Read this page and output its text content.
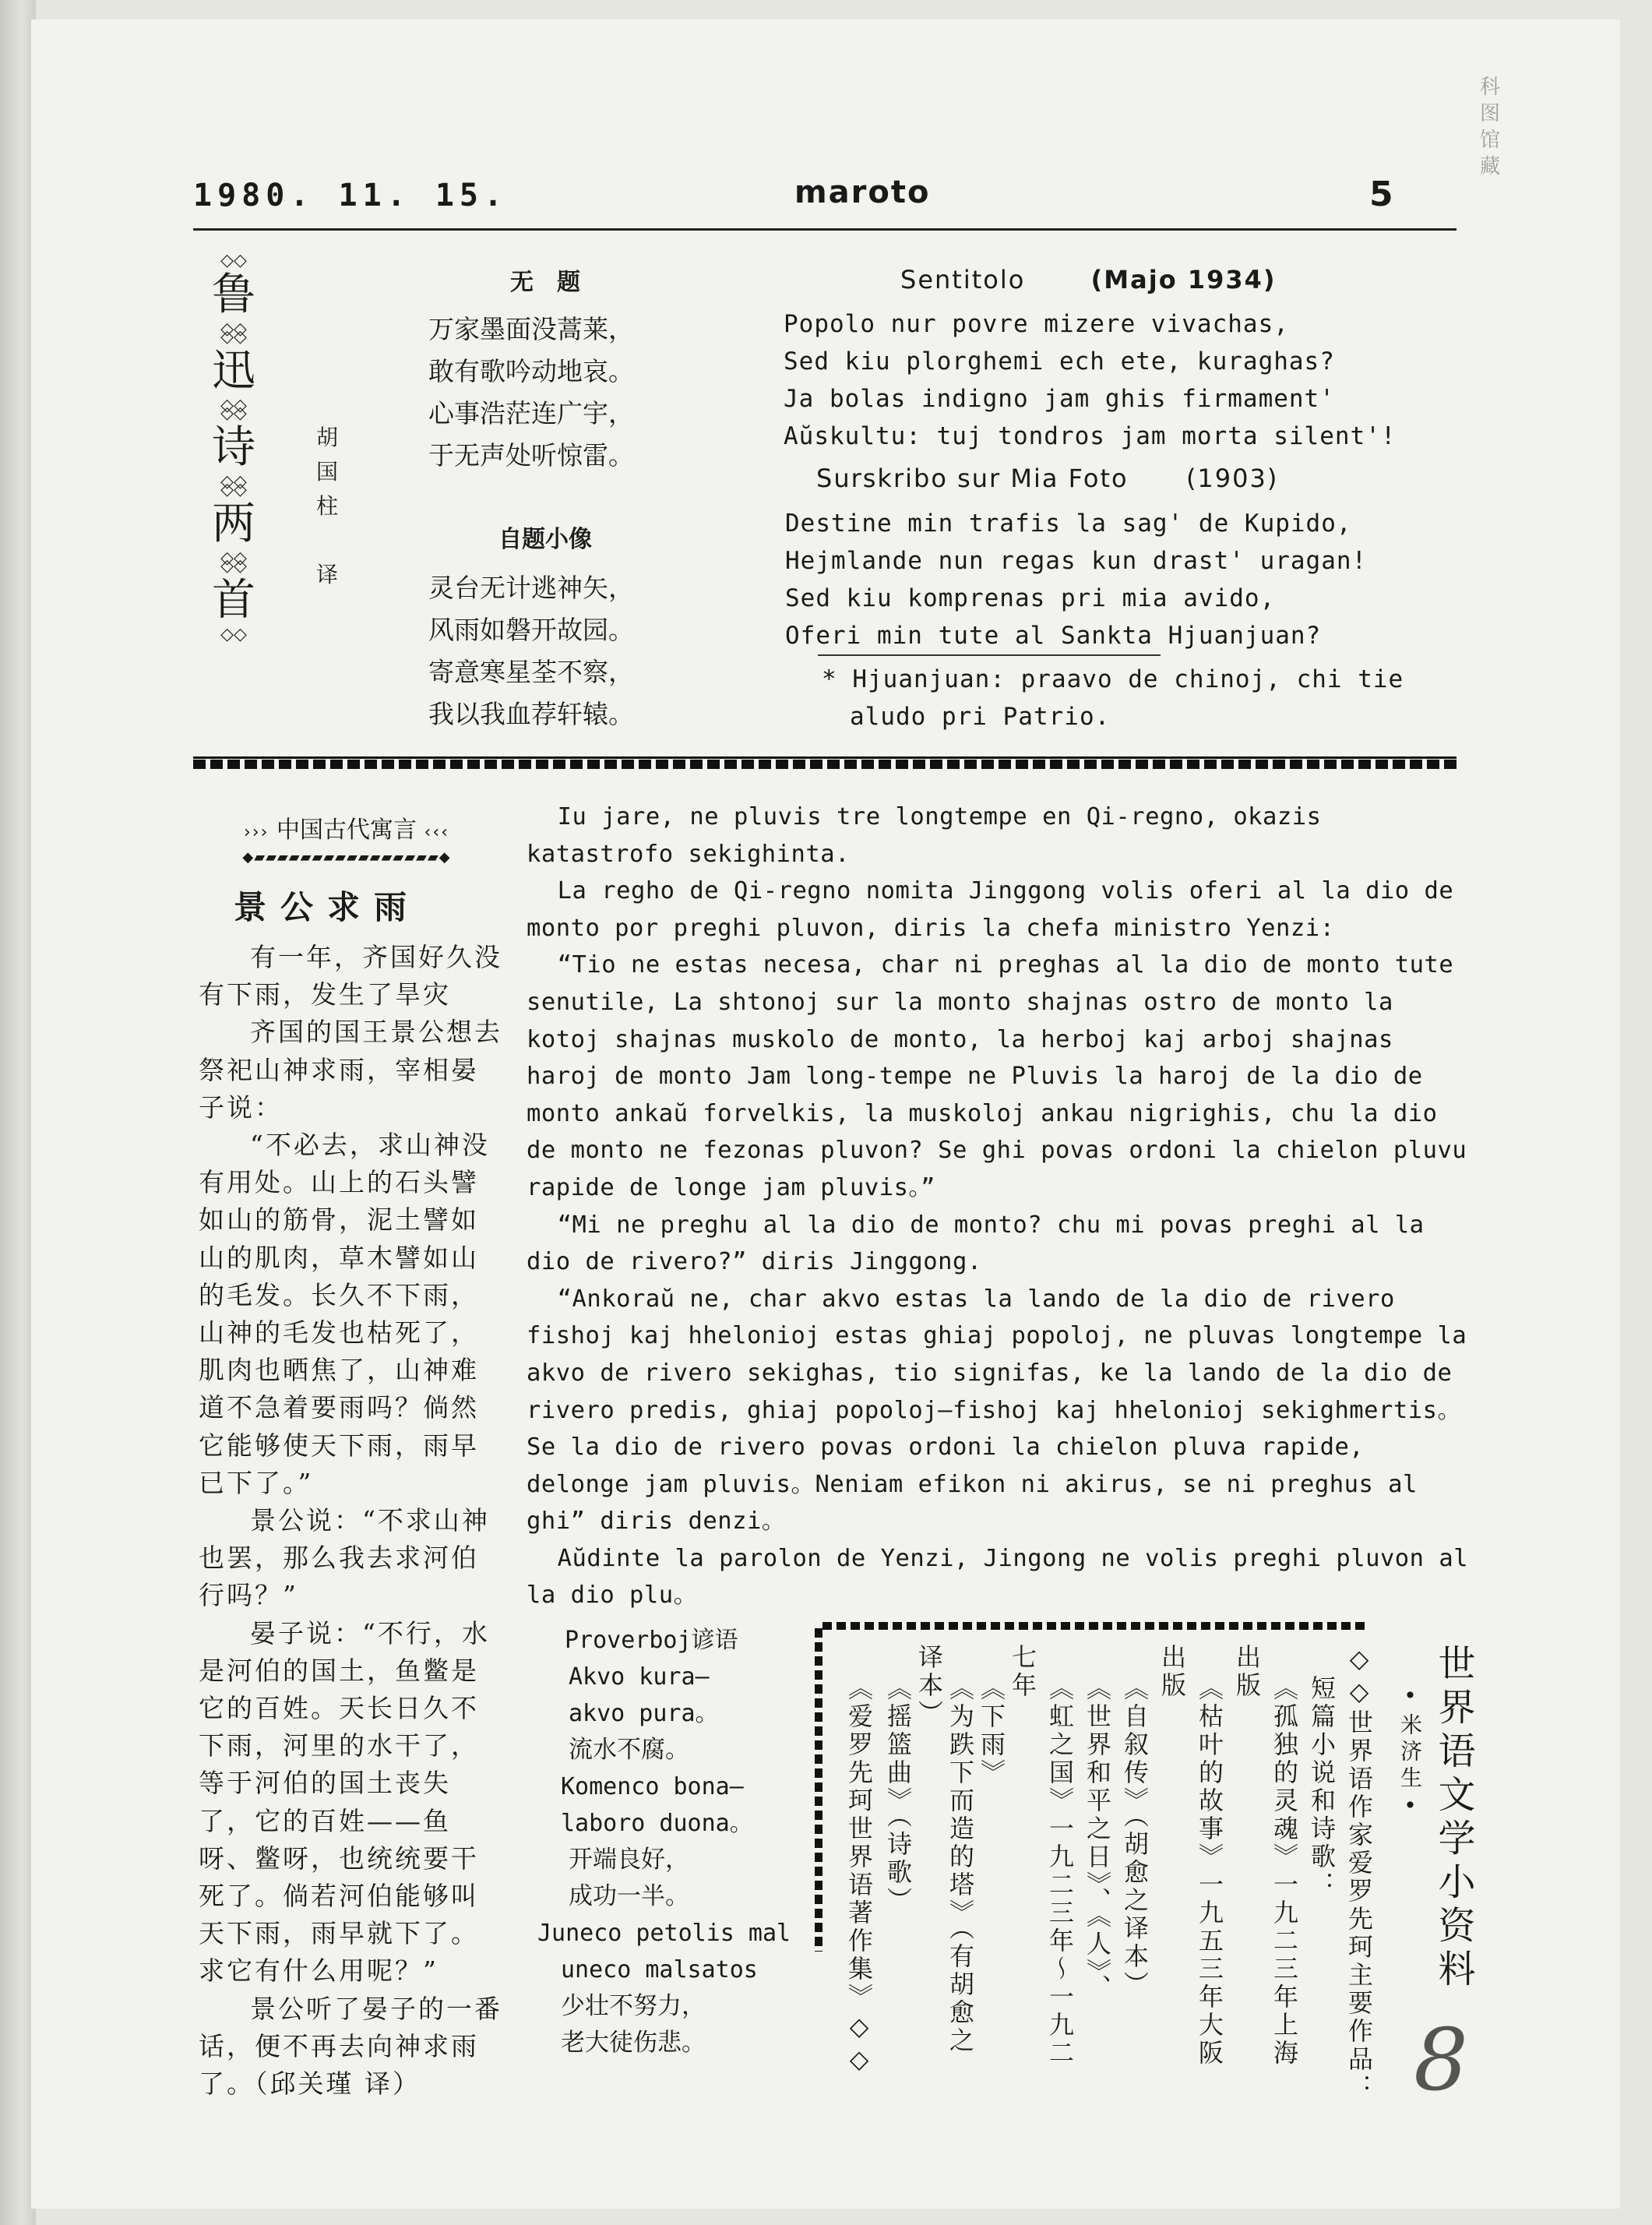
1980. 11. 15.	maroto	5
科
图
馆
藏
◇◇ 鲁 ◇◇
◇◇ 迅 ◇◇
◇◇ 诗 ◇◇
◇◇ 两 ◇◇
◇◇ 首 ◇◇
胡
国
柱
译
无　题
万家墨面没蒿莱，
敢有歌吟动地哀。
心事浩茫连广宇，
于无声处听惊雷。
自题小像
灵台无计逃神矢，
风雨如磐开故园。
寄意寒星荃不察，
我以我血荐轩辕。
Sentitolo	(Majo 1934)
Popolo nur povre mizere vivachas,
Sed kiu plorghemi ech ete, kuraghas?
Ja bolas indigno jam ghis firmament'
Aŭskultu: tuj tondros jam morta silent'!
Surskribo sur Mia Foto (1903)
Destine min trafis la sag' de Kupido,
Hejmlande nun regas kun drast' uragan!
Sed kiu komprenas pri mia avido,
Oferi min tute al Sankta Hjuanjuan?
* Hjuanjuan: praavo de chinoj, chi tie
aludo pri Patrio.
››› 中国古代寓言 ‹‹‹
◆▰▰▰▰▰▰▰▰▰▰▰▰▰▰▰▰◆
景公求雨

有一年，齐国好久没有下雨，发生了旱灾

齐国的国王景公想去祭祀山神求雨，宰相晏子说：

“不必去，求山神没有用处。山上的石头譬如山的筋骨，泥土譬如山的肌肉，草木譬如山的毛发。长久不下雨，山神的毛发也枯死了，肌肉也晒焦了，山神难道不急着要雨吗？倘然它能够使天下雨，雨早已下了。”

景公说：“不求山神也罢，那么我去求河伯行吗？”

晏子说：“不行，水是河伯的国土，鱼鳖是它的百姓。天长日久不下雨，河里的水干了，等于河伯的国土丧失了，它的百姓——鱼呀、鳖呀，也统统要干死了。倘若河伯能够叫天下雨，雨早就下了。求它有什么用呢？”

景公听了晏子的一番话，便不再去向神求雨了。（邱关瑾 译）

Iu jare, ne pluvis tre longtempe en Qi-regno, okazis katastrofo sekighinta.

La regho de Qi-regno nomita Jinggong volis oferi al la dio de monto por preghi pluvon, diris la chefa ministro Yenzi:

“Tio ne estas necesa, char ni preghas al la dio de monto tute senutile, La shtonoj sur la monto shajnas ostro de monto la kotoj shajnas muskolo de monto, la herboj kaj arboj shajnas haroj de monto Jam long-tempe ne Pluvis la haroj de la dio de monto ankaŭ forvelkis, la muskoloj ankau nigrighis, chu la dio de monto ne fezonas pluvon? Se ghi povas ordoni la chielon pluvu rapide de longe jam pluvis。”

“Mi ne preghu al la dio de monto? chu mi povas preghi al la dio de rivero?” diris Jinggong.

“Ankoraŭ ne, char akvo estas la lando de la dio de rivero fishoj kaj hhelonioj estas ghiaj popoloj, ne pluvas longtempe la akvo de rivero sekighas, tio signifas, ke la lando de la dio de rivero predis, ghiaj popoloj—fishoj kaj hhelonioj sekighmertis。Se la dio de rivero povas ordoni la chielon pluva rapide, delonge jam pluvis。Neniam efikon ni akirus, se ni preghus al ghi” diris denzi。

Aŭdinte la parolon de Yenzi, Jingong ne volis preghi pluvon al la dio plu。

Proverboj谚语
Akvo kura—
akvo pura。
流水不腐。
Komenco bona—
laboro duona。
开端良好，
成功一半。
Juneco petolis mal
uneco malsatos
少壮不努力，
老大徒伤悲。
世界语文学小资料
•米济生•
◇◇世界语作家爱罗先珂主要作品：
短篇小说和诗歌：
《孤独的灵魂》一九二三年上海
出版
《枯叶的故事》一九五三年大阪
出版
《自叙传》（胡愈之译本）
《世界和平之日》、《人》、
《虹之国》一九二三年～一九二
七年
《下雨》
《为跌下而造的塔》（有胡愈之
译本）
《摇篮曲》（诗歌）
《爱罗先珂世界语著作集》◇◇	8
